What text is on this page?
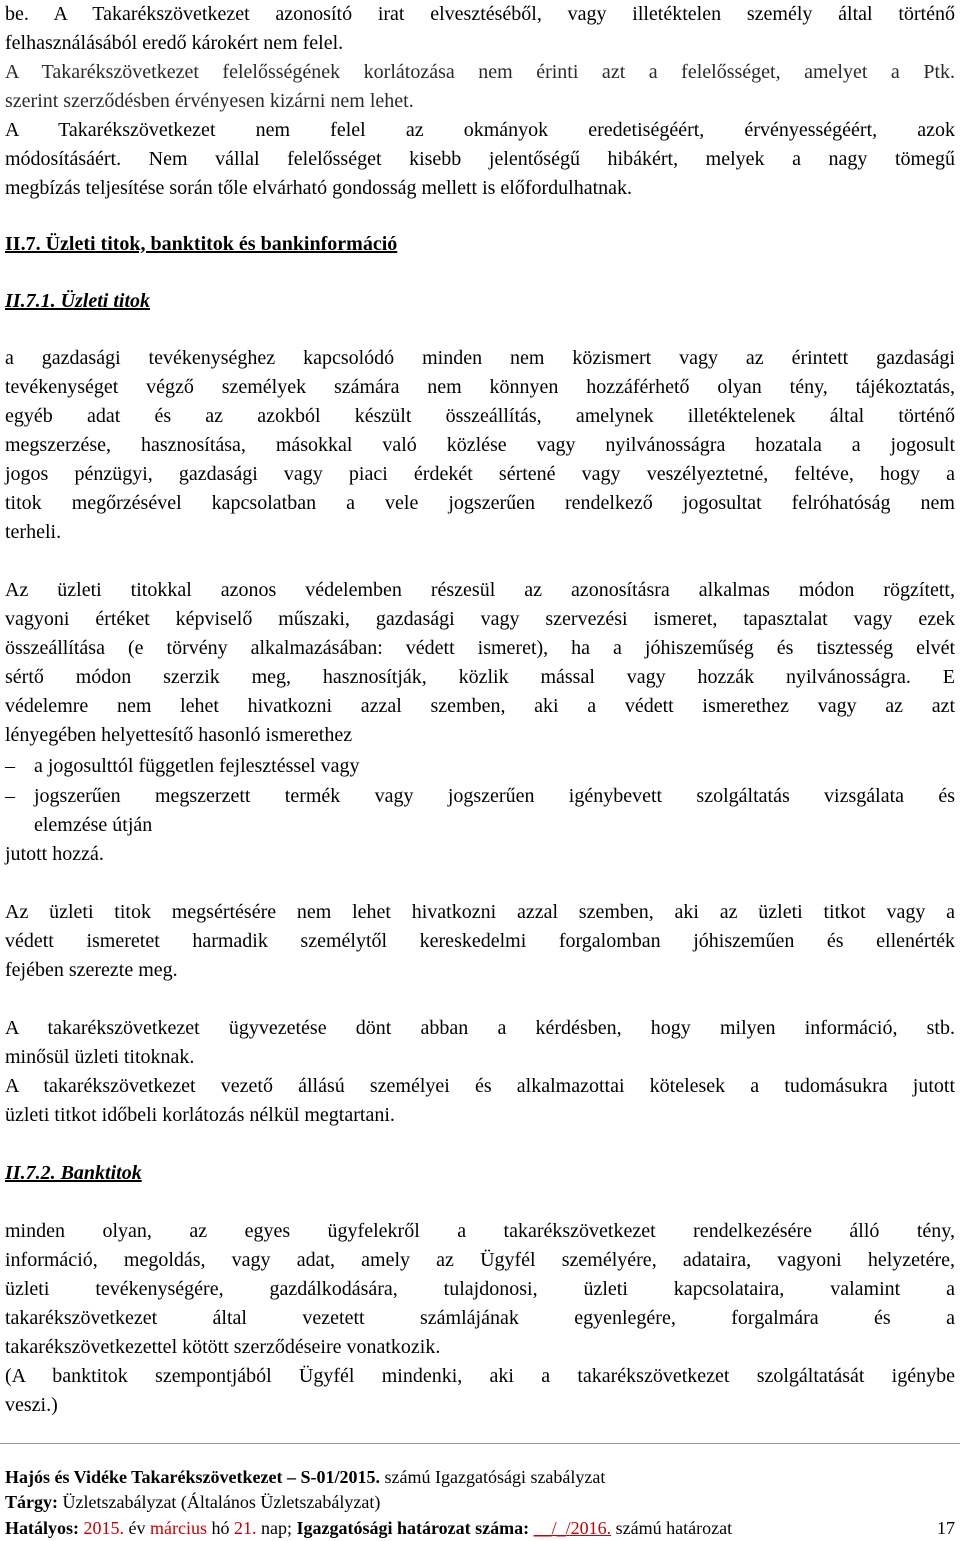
be. A Takarékszövetkezet azonosító irat elvesztéséből, vagy illetéktelen személy által történő
felhasználásából eredő károkért nem felel.
A Takarékszövetkezet felelősségének korlátozása nem érinti azt a felelősséget, amelyet a Ptk.
szerint szerződésben érvényesen kizárni nem lehet.
A Takarékszövetkezet nem felel az okmányok eredetiségéért, érvényességéért, azok
módosításáért. Nem vállal felelősséget kisebb jelentőségű hibákért, melyek a nagy tömegű
megbízás teljesítése során tőle elvárható gondosság mellett is előfordulhatnak.
II.7. Üzleti titok, banktitok és bankinformáció
II.7.1. Üzleti titok
a gazdasági tevékenységhez kapcsolódó minden nem közismert vagy az érintett gazdasági
tevékenységet végző személyek számára nem könnyen hozzáférhető olyan tény, tájékoztatás,
egyéb adat és az azokból készült összeállítás, amelynek illetéktelenek által történő
megszerzése, hasznosítása, másokkal való közlése vagy nyilvánosságra hozatala a jogosult
jogos pénzügyi, gazdasági vagy piaci érdekét sértené vagy veszélyeztetné, feltéve, hogy a
titok megőrzésével kapcsolatban a vele jogszerűen rendelkező jogosultat felróhatóság nem
terheli.
Az üzleti titokkal azonos védelemben részesül az azonosításra alkalmas módon rögzített,
vagyoni értéket képviselő műszaki, gazdasági vagy szervezési ismeret, tapasztalat vagy ezek
összeállítása (e törvény alkalmazásában: védett ismeret), ha a jóhiszeműség és tisztesség elvét
sértő módon szerzik meg, hasznosítják, közlik mással vagy hozzák nyilvánosságra. E
védelemre nem lehet hivatkozni azzal szemben, aki a védett ismerethez vagy az azt
lényegében helyettesítő hasonló ismerethez
– a jogosulttól független fejlesztéssel vagy
– jogszerűen megszerzett termék vagy jogszerűen igénybevett szolgáltatás vizsgálata és
elemzése útján
jutott hozzá.
Az üzleti titok megsértésére nem lehet hivatkozni azzal szemben, aki az üzleti titkot vagy a
védett ismeretet harmadik személytől kereskedelmi forgalomban jóhiszeműen és ellenérték
fejében szerezte meg.
A takarékszövetkezet ügyvezetése dönt abban a kérdésben, hogy milyen információ, stb.
minősül üzleti titoknak.
A takarékszövetkezet vezető állású személyei és alkalmazottai kötelesek a tudomásukra jutott
üzleti titkot időbeli korlátozás nélkül megtartani.
II.7.2. Banktitok
minden olyan, az egyes ügyfelekről a takarékszövetkezet rendelkezésére álló tény,
információ, megoldás, vagy adat, amely az Ügyfél személyére, adataira, vagyoni helyzetére,
üzleti tevékenységére, gazdálkodására, tulajdonosi, üzleti kapcsolataira, valamint a
takarékszövetkezet által vezetett számlájának egyenlegére, forgalmára és a
takarékszövetkezettel kötött szerződéseire vonatkozik.
(A banktitok szempontjából Ügyfél mindenki, aki a takarékszövetkezet szolgáltatását igénybe
veszi.)
Hajós és Vidéke Takarékszövetkezet – S-01/2015. számú Igazgatósági szabályzat
Tárgy: Üzletszabályzat (Általános Üzletszabályzat)
Hatályos: 2015. év március hó 21. nap; Igazgatósági határozat száma: __/_/2016. számú határozat	17
